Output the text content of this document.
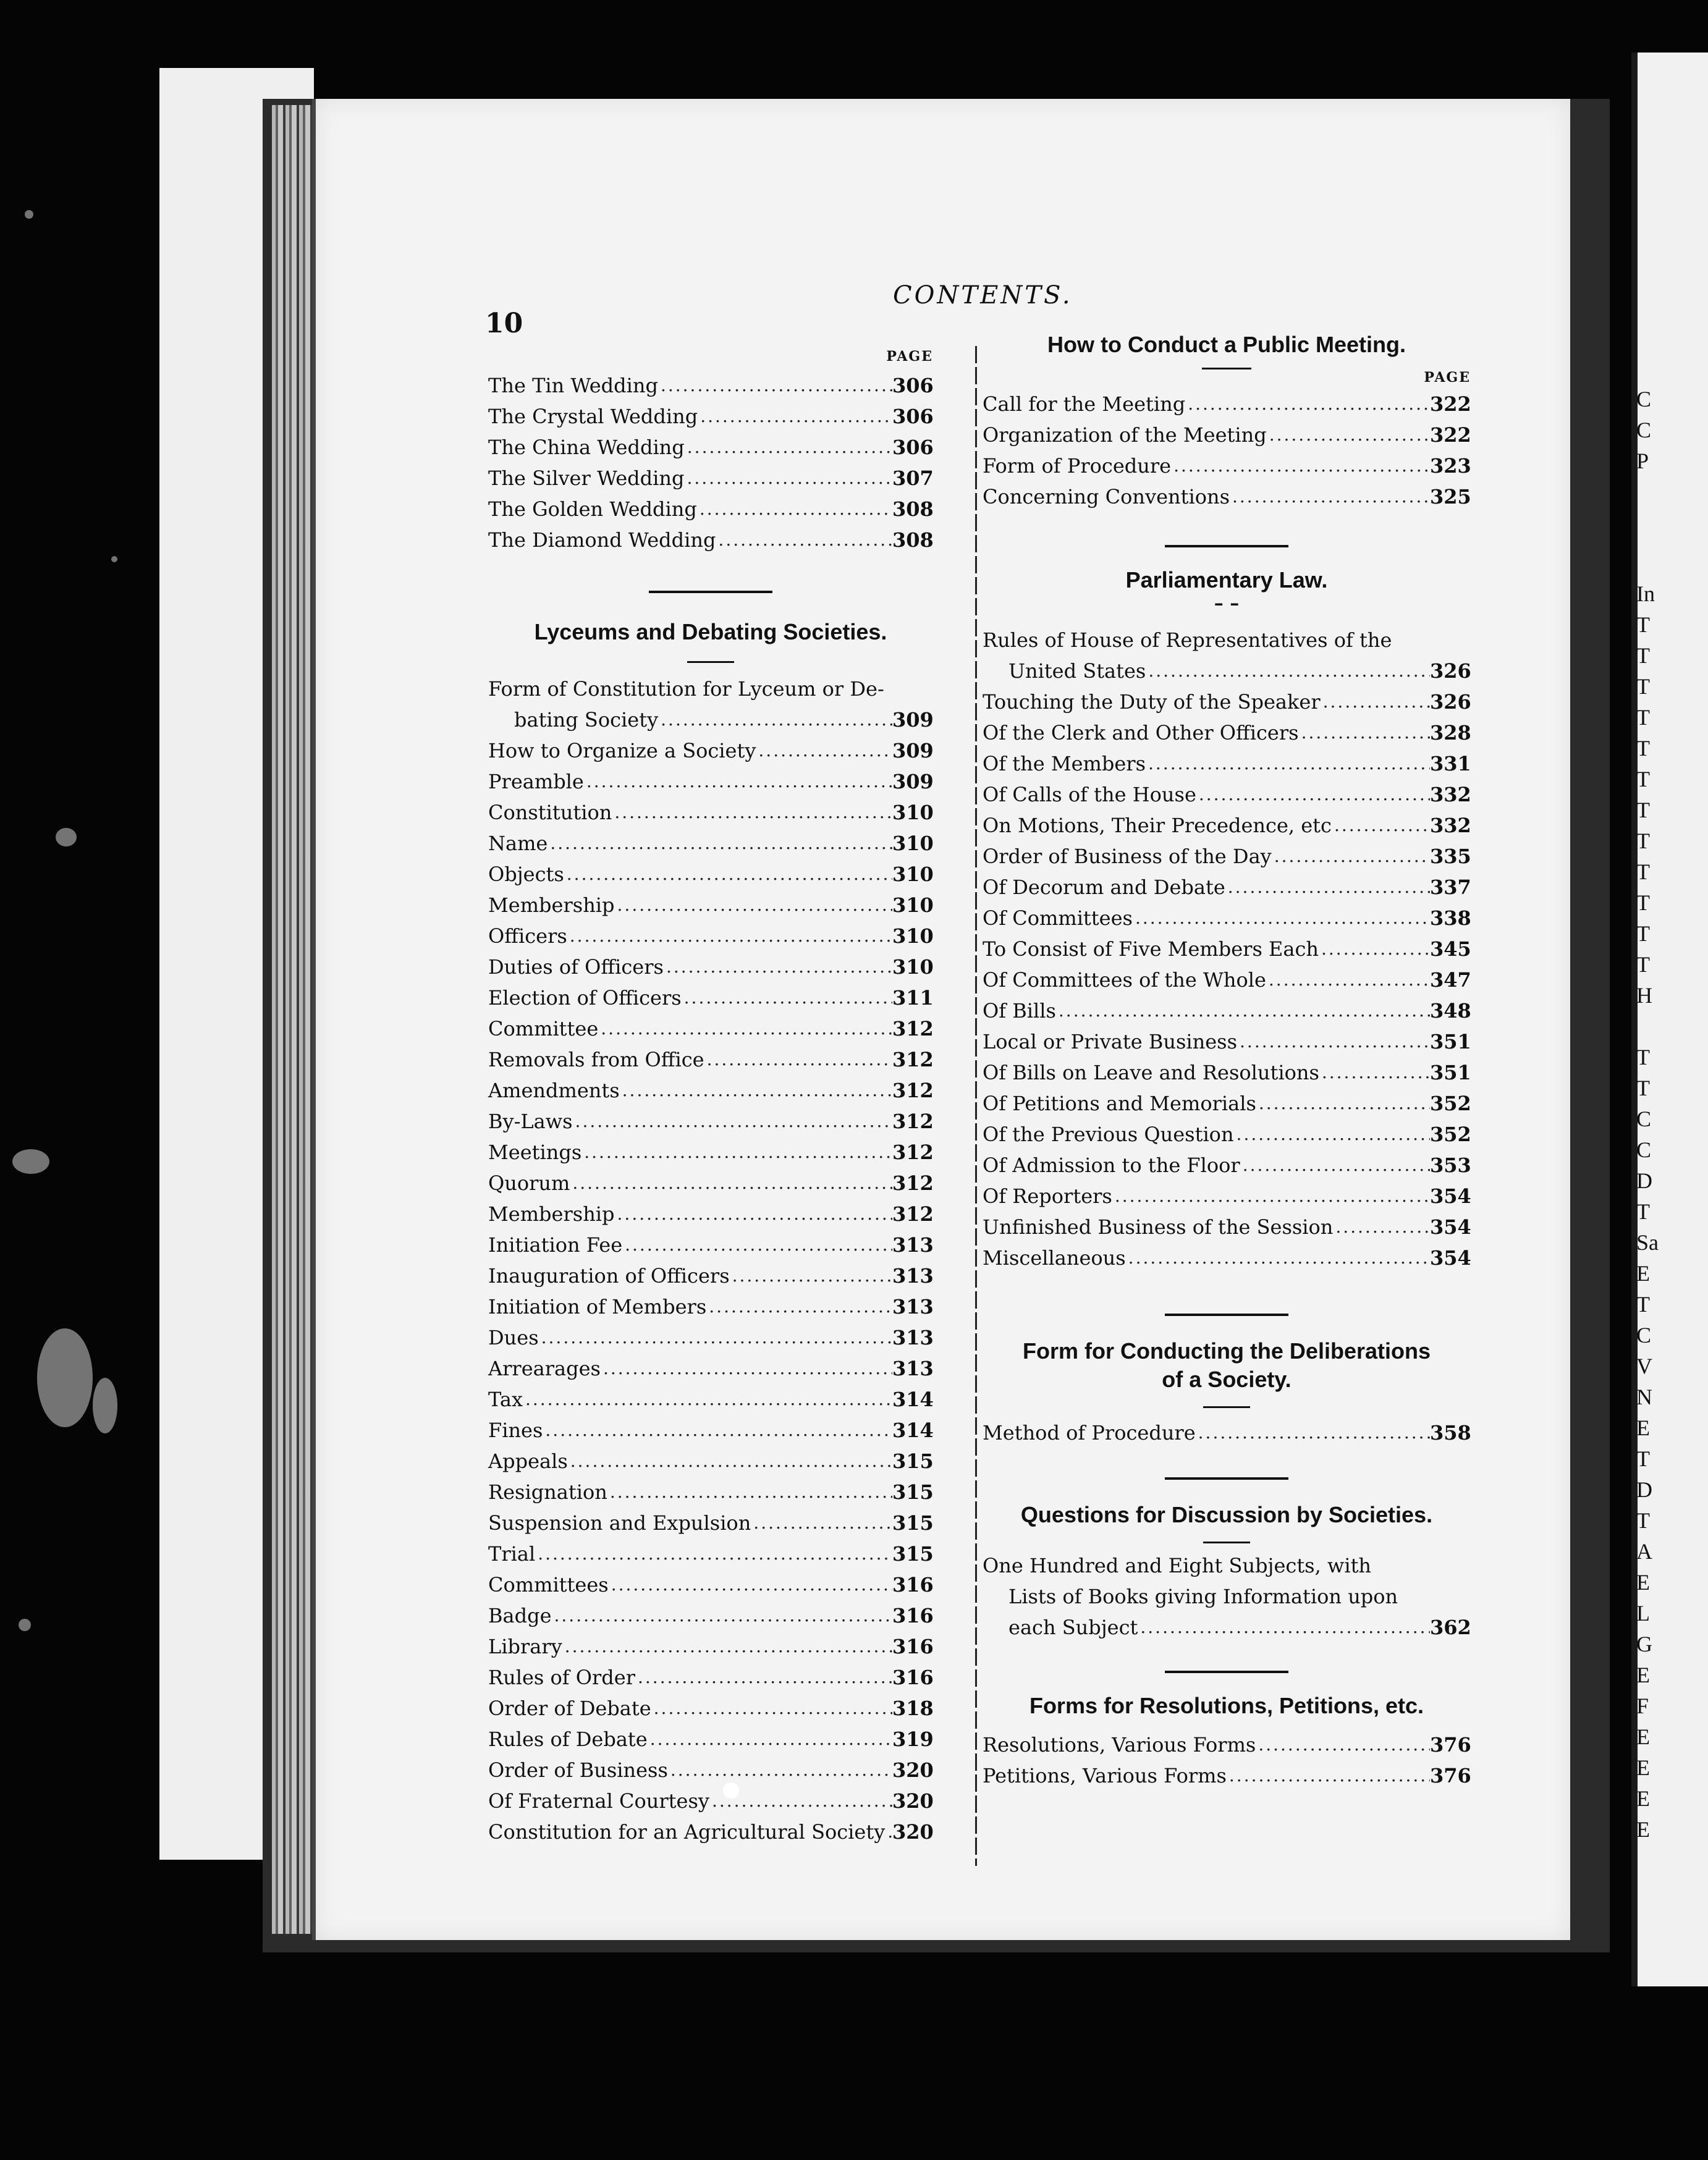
C
C
P
In
T
T
T
T
T
T
T
T
T
T
T
T
H
T
T
C
C
D
T
Sa
E
T
C
V
N
E
T
D
T
A
E
L
G
E
F
E
E
E
E
CONTENTS.
10
PAGE
The Tin Wedding .....	306
The Crystal Wedding .....	306
The China Wedding .....	306
The Silver Wedding .....	307
The Golden Wedding .....	308
The Diamond Wedding .....	308
Lyceums and Debating Societies.
Form of Constitution for Lyceum or De-
bating Society .....	309
How to Organize a Society .....	309
Preamble .....	309
Constitution .....	310
Name .....	310
Objects .....	310
Membership .....	310
Officers .....	310
Duties of Officers .....	310
Election of Officers .....	311
Committee .....	312
Removals from Office .....	312
Amendments .....	312
By-Laws .....	312
Meetings .....	312
Quorum .....	312
Membership .....	312
Initiation Fee .....	313
Inauguration of Officers .....	313
Initiation of Members .....	313
Dues .....	313
Arrearages .....	313
Tax .....	314
Fines .....	314
Appeals .....	315
Resignation .....	315
Suspension and Expulsion .....	315
Trial .....	315
Committees .....	316
Badge .....	316
Library .....	316
Rules of Order .....	316
Order of Debate .....	318
Rules of Debate .....	319
Order of Business .....	320
Of Fraternal Courtesy .....	320
Constitution for an Agricultural Society ..... 320
How to Conduct a Public Meeting.
PAGE
Call for the Meeting .....	322
Organization of the Meeting .....	322
Form of Procedure .....	323
Concerning Conventions .....	325
Parliamentary Law.
– –
Rules of House of Representatives of the
United States .....	326
Touching the Duty of the Speaker .....	326
Of the Clerk and Other Officers .....	328
Of the Members .....	331
Of Calls of the House .....	332
On Motions, Their Precedence, etc .....	332
Order of Business of the Day .....	335
Of Decorum and Debate .....	337
Of Committees .....	338
To Consist of Five Members Each .....	345
Of Committees of the Whole .....	347
Of Bills .....	348
Local or Private Business .....	351
Of Bills on Leave and Resolutions .....	351
Of Petitions and Memorials .....	352
Of the Previous Question .....	352
Of Admission to the Floor .....	353
Of Reporters .....	354
Unfinished Business of the Session .....	354
Miscellaneous .....	354
Form for Conducting the Deliberations
of a Society.
Method of Procedure .....	358
Questions for Discussion by Societies.
One Hundred and Eight Subjects, with
Lists of Books giving Information upon
each Subject .....	362
Forms for Resolutions, Petitions, etc.
Resolutions, Various Forms .....	376
Petitions, Various Forms .....	376
